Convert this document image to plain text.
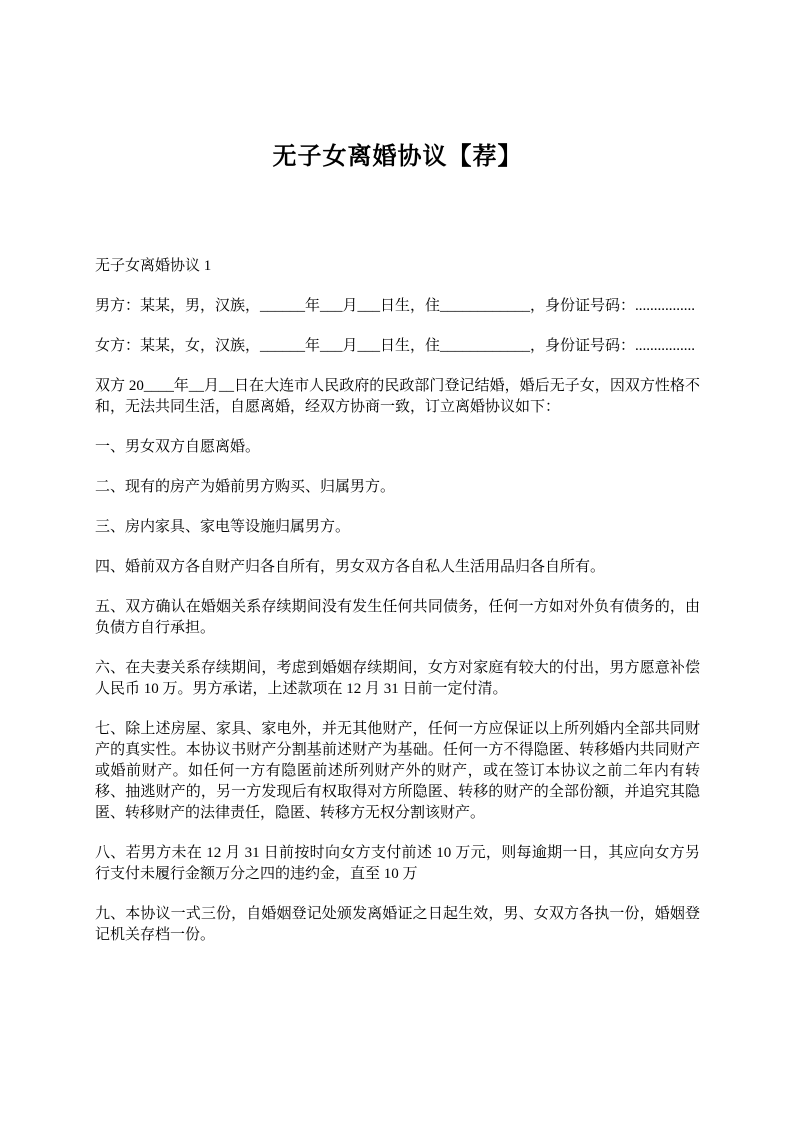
无子女离婚协议【荐】

无子女离婚协议 1

男方：某某，男，汉族，______年___月___日生，住____________，身份证号码：................

女方：某某，女，汉族，______年___月___日生，住____________，身份证号码：................

双方 20____年__月__日在大连市人民政府的民政部门登记结婚，婚后无子女，因双方性格不和，无法共同生活，自愿离婚，经双方协商一致，订立离婚协议如下：

一、男女双方自愿离婚。

二、现有的房产为婚前男方购买、归属男方。

三、房内家具、家电等设施归属男方。

四、婚前双方各自财产归各自所有，男女双方各自私人生活用品归各自所有。

五、双方确认在婚姻关系存续期间没有发生任何共同债务，任何一方如对外负有债务的，由负债方自行承担。

六、在夫妻关系存续期间，考虑到婚姻存续期间，女方对家庭有较大的付出，男方愿意补偿人民币 10 万。男方承诺，上述款项在 12 月 31 日前一定付清。

七、除上述房屋、家具、家电外，并无其他财产，任何一方应保证以上所列婚内全部共同财产的真实性。本协议书财产分割基前述财产为基础。任何一方不得隐匿、转移婚内共同财产或婚前财产。如任何一方有隐匿前述所列财产外的财产，或在签订本协议之前二年内有转移、抽逃财产的，另一方发现后有权取得对方所隐匿、转移的财产的全部份额，并追究其隐匿、转移财产的法律责任，隐匿、转移方无权分割该财产。

八、若男方未在 12 月 31 日前按时向女方支付前述 10 万元，则每逾期一日，其应向女方另行支付未履行金额万分之四的违约金，直至 10 万

九、本协议一式三份，自婚姻登记处颁发离婚证之日起生效，男、女双方各执一份，婚姻登记机关存档一份。
